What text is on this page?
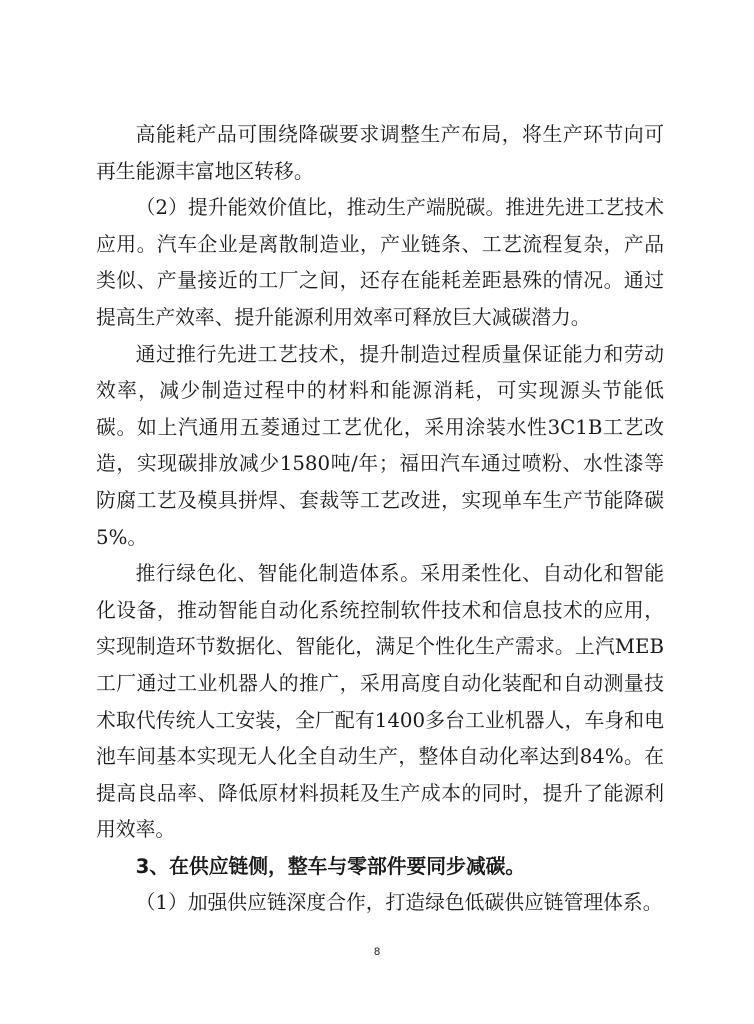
高能耗产品可围绕降碳要求调整生产布局，将生产环节向可再生能源丰富地区转移。

（2）提升能效价值比，推动生产端脱碳。推进先进工艺技术应用。汽车企业是离散制造业，产业链条、工艺流程复杂，产品类似、产量接近的工厂之间，还存在能耗差距悬殊的情况。通过提高生产效率、提升能源利用效率可释放巨大减碳潜力。

通过推行先进工艺技术，提升制造过程质量保证能力和劳动效率，减少制造过程中的材料和能源消耗，可实现源头节能低碳。如上汽通用五菱通过工艺优化，采用涂装水性3C1B工艺改造，实现碳排放减少1580吨/年；福田汽车通过喷粉、水性漆等防腐工艺及模具拼焊、套裁等工艺改进，实现单车生产节能降碳5%。

推行绿色化、智能化制造体系。采用柔性化、自动化和智能化设备，推动智能自动化系统控制软件技术和信息技术的应用，实现制造环节数据化、智能化，满足个性化生产需求。上汽MEB工厂通过工业机器人的推广，采用高度自动化装配和自动测量技术取代传统人工安装，全厂配有1400多台工业机器人，车身和电池车间基本实现无人化全自动生产，整体自动化率达到84%。在提高良品率、降低原材料损耗及生产成本的同时，提升了能源利用效率。

3、在供应链侧，整车与零部件要同步减碳。

（1）加强供应链深度合作，打造绿色低碳供应链管理体系。

8
